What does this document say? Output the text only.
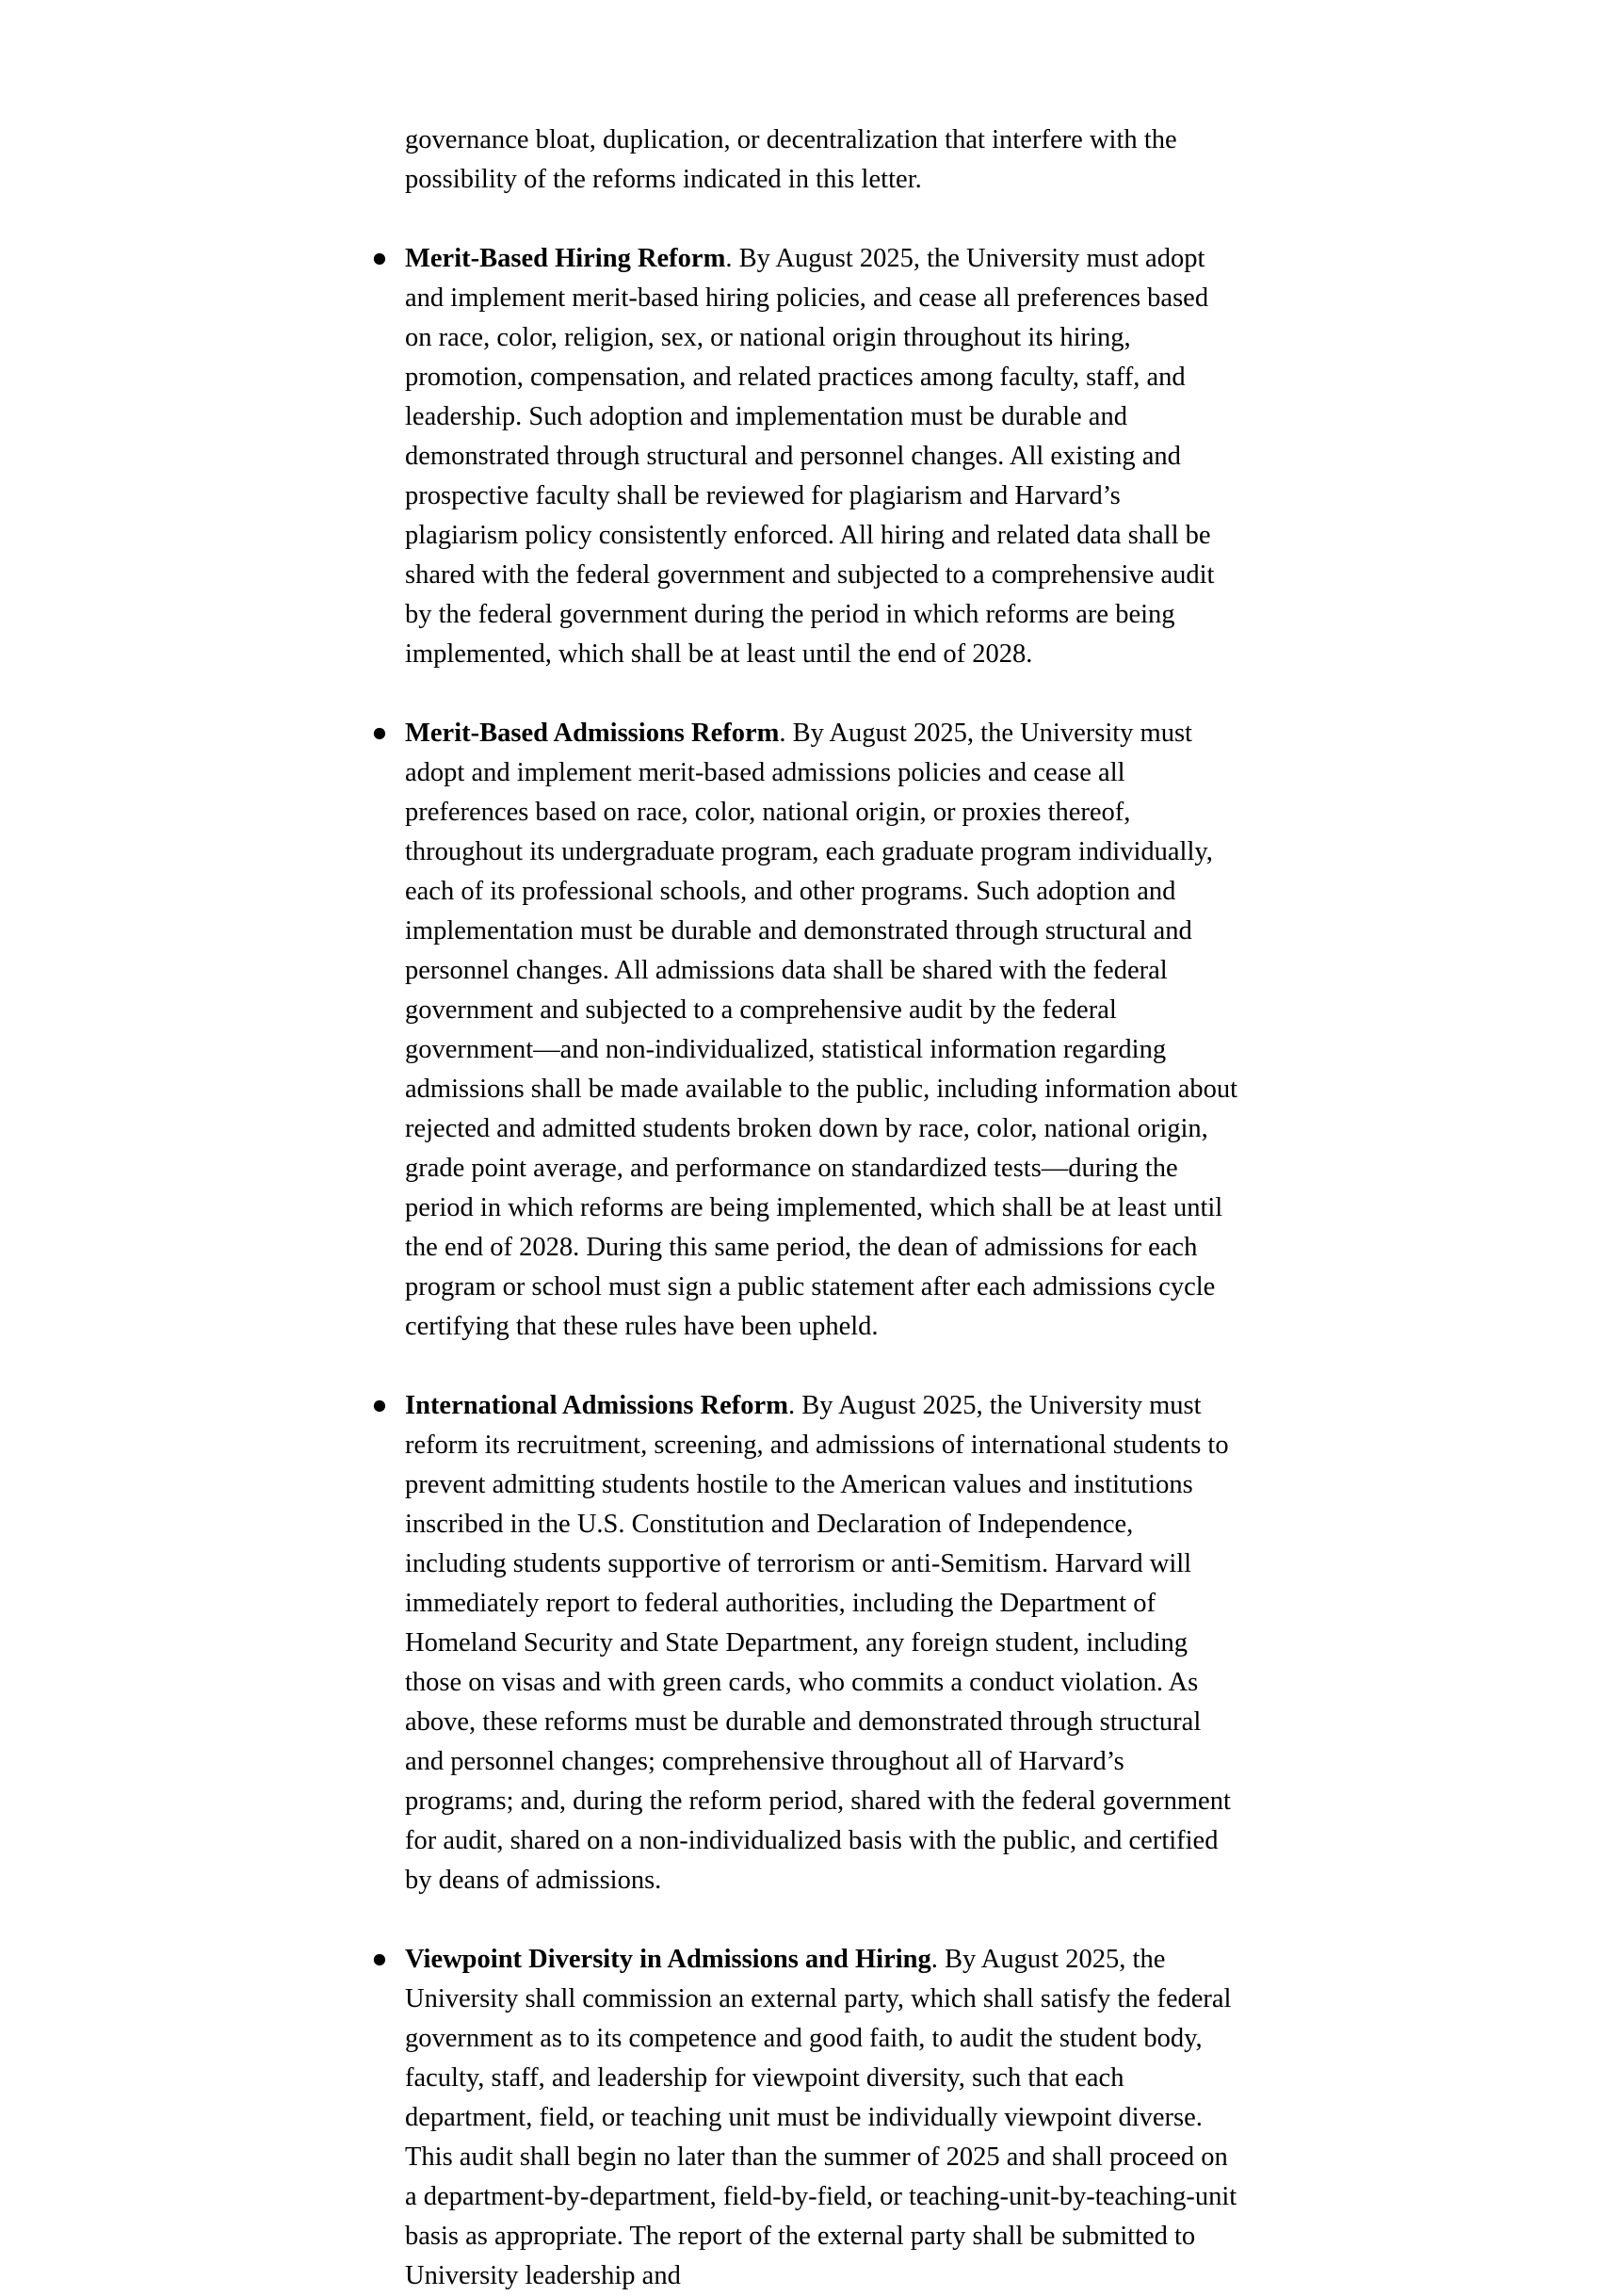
governance bloat, duplication, or decentralization that interfere with the possibility of the reforms indicated in this letter.

● Merit-Based Hiring Reform. By August 2025, the University must adopt and implement merit-based hiring policies, and cease all preferences based on race, color, religion, sex, or national origin throughout its hiring, promotion, compensation, and related practices among faculty, staff, and leadership. Such adoption and implementation must be durable and demonstrated through structural and personnel changes. All existing and prospective faculty shall be reviewed for plagiarism and Harvard’s plagiarism policy consistently enforced. All hiring and related data shall be shared with the federal government and subjected to a comprehensive audit by the federal government during the period in which reforms are being implemented, which shall be at least until the end of 2028.
● Merit-Based Admissions Reform. By August 2025, the University must adopt and implement merit-based admissions policies and cease all preferences based on race, color, national origin, or proxies thereof, throughout its undergraduate program, each graduate program individually, each of its professional schools, and other programs. Such adoption and implementation must be durable and demonstrated through structural and personnel changes. All admissions data shall be shared with the federal government and subjected to a comprehensive audit by the federal government—and non-individualized, statistical information regarding admissions shall be made available to the public, including information about rejected and admitted students broken down by race, color, national origin, grade point average, and performance on standardized tests—during the period in which reforms are being implemented, which shall be at least until the end of 2028. During this same period, the dean of admissions for each program or school must sign a public statement after each admissions cycle certifying that these rules have been upheld.
● International Admissions Reform. By August 2025, the University must reform its recruitment, screening, and admissions of international students to prevent admitting students hostile to the American values and institutions inscribed in the U.S. Constitution and Declaration of Independence, including students supportive of terrorism or anti-Semitism. Harvard will immediately report to federal authorities, including the Department of Homeland Security and State Department, any foreign student, including those on visas and with green cards, who commits a conduct violation. As above, these reforms must be durable and demonstrated through structural and personnel changes; comprehensive throughout all of Harvard’s programs; and, during the reform period, shared with the federal government for audit, shared on a non-individualized basis with the public, and certified by deans of admissions.
● Viewpoint Diversity in Admissions and Hiring. By August 2025, the University shall commission an external party, which shall satisfy the federal government as to its competence and good faith, to audit the student body, faculty, staff, and leadership for viewpoint diversity, such that each department, field, or teaching unit must be individually viewpoint diverse. This audit shall begin no later than the summer of 2025 and shall proceed on a department-by-department, field-by-field, or teaching-unit-by-teaching-unit basis as appropriate. The report of the external party shall be submitted to University leadership and
